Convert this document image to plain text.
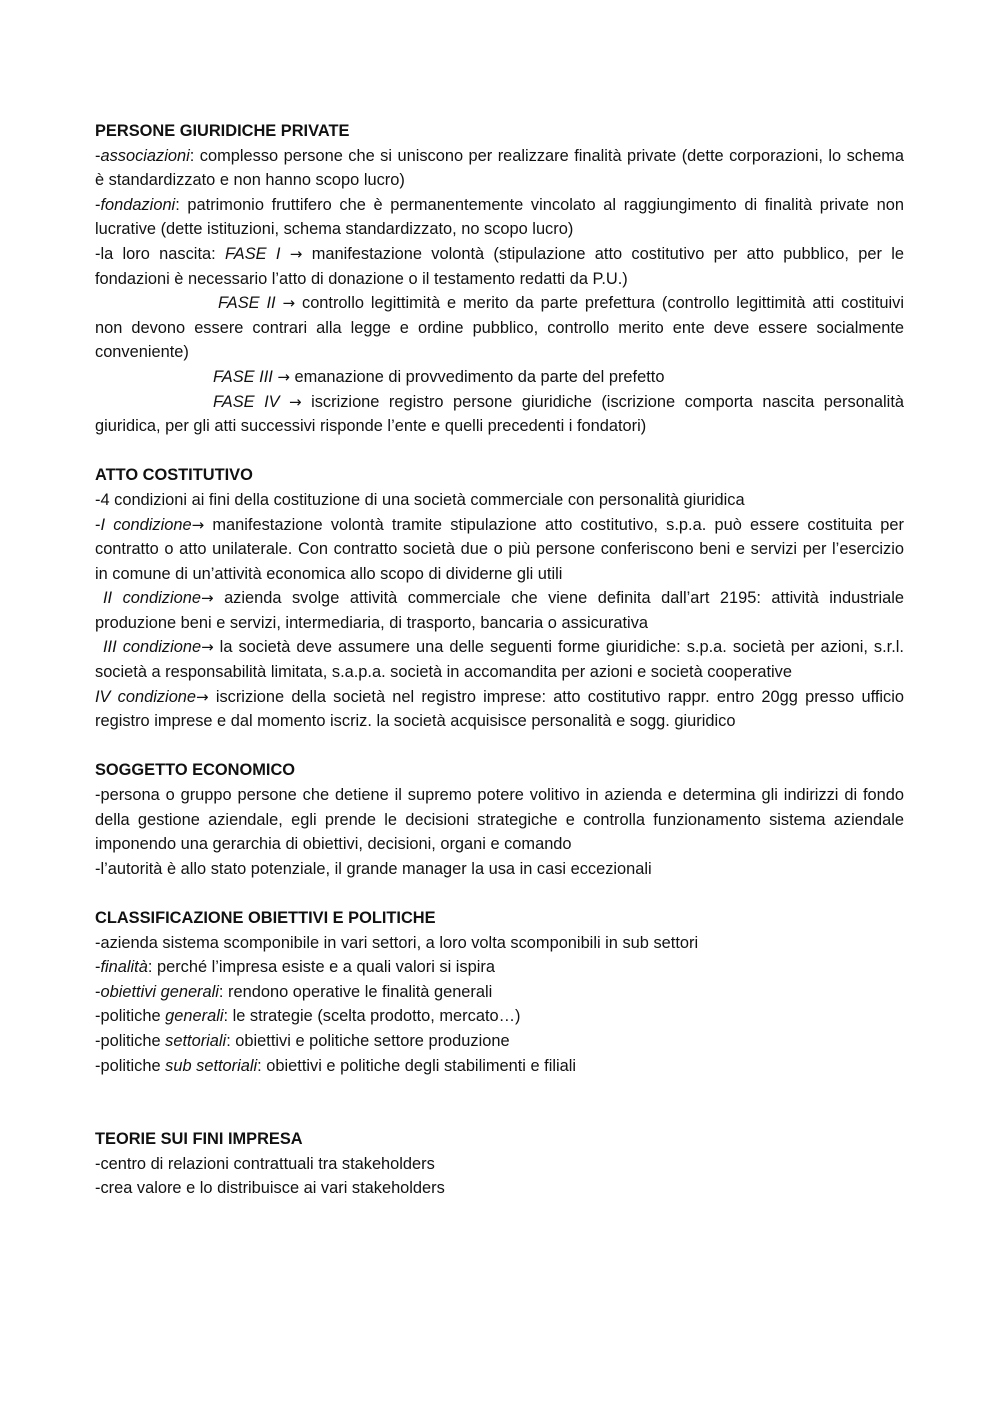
PERSONE GIURIDICHE PRIVATE

-associazioni: complesso persone che si uniscono per realizzare finalità private (dette corporazioni, lo schema è standardizzato e non hanno scopo lucro)

-fondazioni: patrimonio fruttifero che è permanentemente vincolato al raggiungimento di finalità private non lucrative (dette istituzioni, schema standardizzato, no scopo lucro)

-la loro nascita: FASE I → manifestazione volontà (stipulazione atto costitutivo per atto pubblico, per le fondazioni è necessario l’atto di donazione o il testamento redatti da P.U.)

FASE II → controllo legittimità e merito da parte prefettura (controllo legittimità atti costituivi non devono essere contrari alla legge e ordine pubblico, controllo merito ente deve essere socialmente conveniente)

FASE III → emanazione di provvedimento da parte del prefetto

FASE IV → iscrizione registro persone giuridiche (iscrizione comporta nascita personalità giuridica, per gli atti successivi risponde l’ente e quelli precedenti i fondatori)

ATTO COSTITUTIVO

-4 condizioni ai fini della costituzione di una società commerciale con personalità giuridica

-I condizione→ manifestazione volontà tramite stipulazione atto costitutivo, s.p.a. può essere costituita per contratto o atto unilaterale. Con contratto società due o più persone conferiscono beni e servizi per l’esercizio in comune di un’attività economica allo scopo di dividerne gli utili

II condizione→ azienda svolge attività commerciale che viene definita dall’art 2195: attività industriale produzione beni e servizi, intermediaria, di trasporto, bancaria o assicurativa

III condizione→ la società deve assumere una delle seguenti forme giuridiche: s.p.a. società per azioni, s.r.l. società a responsabilità limitata, s.a.p.a. società in accomandita per azioni e società cooperative

IV condizione→ iscrizione della società nel registro imprese: atto costitutivo rappr. entro 20gg presso ufficio registro imprese e dal momento iscriz. la società acquisisce personalità e sogg. giuridico

SOGGETTO ECONOMICO

-persona o gruppo persone che detiene il supremo potere volitivo in azienda e determina gli indirizzi di fondo della gestione aziendale, egli prende le decisioni strategiche e controlla funzionamento sistema aziendale imponendo una gerarchia di obiettivi, decisioni, organi e comando

-l’autorità è allo stato potenziale, il grande manager la usa in casi eccezionali

CLASSIFICAZIONE OBIETTIVI E POLITICHE

-azienda sistema scomponibile in vari settori, a loro volta scomponibili in sub settori

-finalità: perché l’impresa esiste e a quali valori si ispira

-obiettivi generali: rendono operative le finalità generali

-politiche generali: le strategie (scelta prodotto, mercato…)

-politiche settoriali: obiettivi e politiche settore produzione

-politiche sub settoriali: obiettivi e politiche degli stabilimenti e filiali

TEORIE SUI FINI IMPRESA

-centro di relazioni contrattuali tra stakeholders

-crea valore e lo distribuisce ai vari stakeholders
